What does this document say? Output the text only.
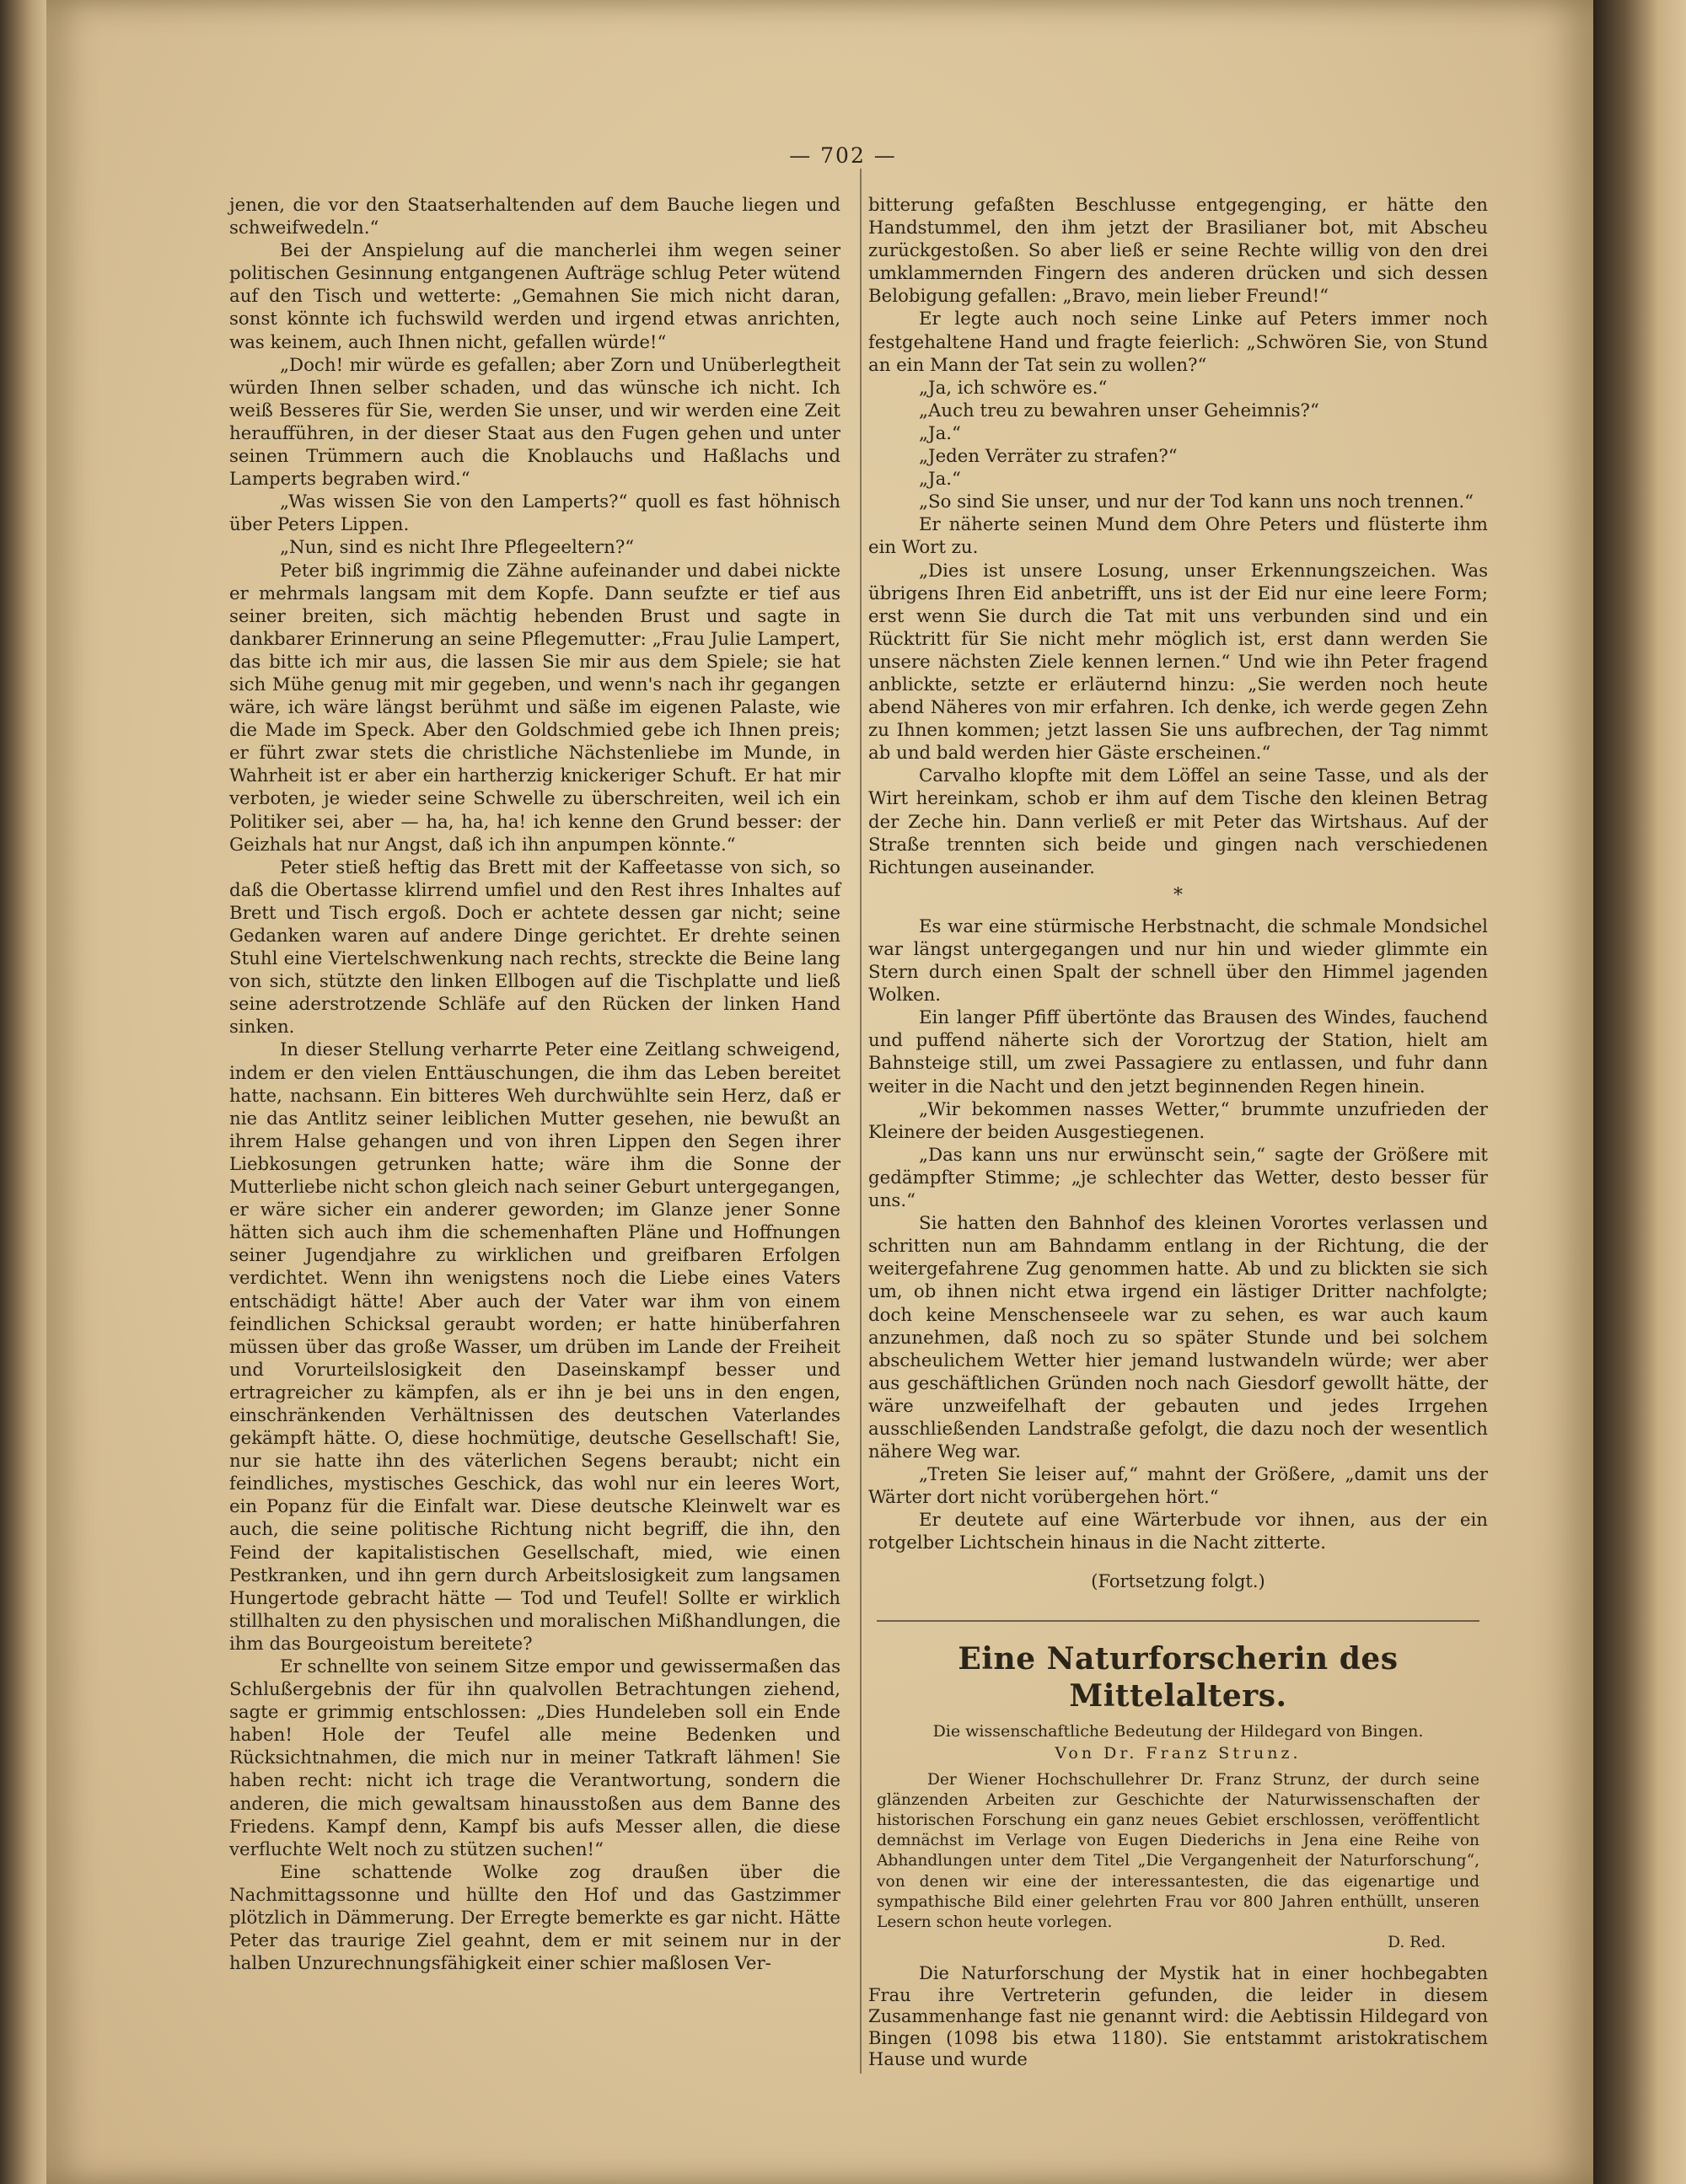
— 702 —

jenen, die vor den Staatserhaltenden auf dem Bauche liegen und schweifwedeln.“

Bei der Anspielung auf die mancherlei ihm wegen seiner politischen Gesinnung entgangenen Aufträge schlug Peter wütend auf den Tisch und wetterte: „Gemahnen Sie mich nicht daran, sonst könnte ich fuchswild werden und irgend etwas anrichten, was keinem, auch Ihnen nicht, gefallen würde!“

„Doch! mir würde es gefallen; aber Zorn und Unüberlegtheit würden Ihnen selber schaden, und das wünsche ich nicht. Ich weiß Besseres für Sie, werden Sie unser, und wir werden eine Zeit heraufführen, in der dieser Staat aus den Fugen gehen und unter seinen Trümmern auch die Knoblauchs und Haßlachs und Lamperts begraben wird.“

„Was wissen Sie von den Lamperts?“ quoll es fast höhnisch über Peters Lippen.

„Nun, sind es nicht Ihre Pflegeeltern?“

Peter biß ingrimmig die Zähne aufeinander und dabei nickte er mehrmals langsam mit dem Kopfe. Dann seufzte er tief aus seiner breiten, sich mächtig hebenden Brust und sagte in dankbarer Erinnerung an seine Pflegemutter: „Frau Julie Lampert, das bitte ich mir aus, die lassen Sie mir aus dem Spiele; sie hat sich Mühe genug mit mir gegeben, und wenn's nach ihr gegangen wäre, ich wäre längst berühmt und säße im eigenen Palaste, wie die Made im Speck. Aber den Goldschmied gebe ich Ihnen preis; er führt zwar stets die christliche Nächstenliebe im Munde, in Wahrheit ist er aber ein hartherzig knickeriger Schuft. Er hat mir verboten, je wieder seine Schwelle zu überschreiten, weil ich ein Politiker sei, aber — ha, ha, ha! ich kenne den Grund besser: der Geizhals hat nur Angst, daß ich ihn anpumpen könnte.“

Peter stieß heftig das Brett mit der Kaffeetasse von sich, so daß die Obertasse klirrend umfiel und den Rest ihres Inhaltes auf Brett und Tisch ergoß. Doch er achtete dessen gar nicht; seine Gedanken waren auf andere Dinge gerichtet. Er drehte seinen Stuhl eine Viertelschwenkung nach rechts, streckte die Beine lang von sich, stützte den linken Ellbogen auf die Tischplatte und ließ seine aderstrotzende Schläfe auf den Rücken der linken Hand sinken.

In dieser Stellung verharrte Peter eine Zeitlang schweigend, indem er den vielen Enttäuschungen, die ihm das Leben bereitet hatte, nachsann. Ein bitteres Weh durchwühlte sein Herz, daß er nie das Antlitz seiner leiblichen Mutter gesehen, nie bewußt an ihrem Halse gehangen und von ihren Lippen den Segen ihrer Liebkosungen getrunken hatte; wäre ihm die Sonne der Mutterliebe nicht schon gleich nach seiner Geburt untergegangen, er wäre sicher ein anderer geworden; im Glanze jener Sonne hätten sich auch ihm die schemenhaften Pläne und Hoffnungen seiner Jugendjahre zu wirklichen und greifbaren Erfolgen verdichtet. Wenn ihn wenigstens noch die Liebe eines Vaters entschädigt hätte! Aber auch der Vater war ihm von einem feindlichen Schicksal geraubt worden; er hatte hinüberfahren müssen über das große Wasser, um drüben im Lande der Freiheit und Vorurteilslosigkeit den Daseinskampf besser und ertragreicher zu kämpfen, als er ihn je bei uns in den engen, einschränkenden Verhältnissen des deutschen Vaterlandes gekämpft hätte. O, diese hochmütige, deutsche Gesellschaft! Sie, nur sie hatte ihn des väterlichen Segens beraubt; nicht ein feindliches, mystisches Geschick, das wohl nur ein leeres Wort, ein Popanz für die Einfalt war. Diese deutsche Kleinwelt war es auch, die seine politische Richtung nicht begriff, die ihn, den Feind der kapitalistischen Gesellschaft, mied, wie einen Pestkranken, und ihn gern durch Arbeitslosigkeit zum langsamen Hungertode gebracht hätte — Tod und Teufel! Sollte er wirklich stillhalten zu den physischen und moralischen Mißhandlungen, die ihm das Bourgeoistum bereitete?

Er schnellte von seinem Sitze empor und gewissermaßen das Schlußergebnis der für ihn qualvollen Betrachtungen ziehend, sagte er grimmig entschlossen: „Dies Hundeleben soll ein Ende haben! Hole der Teufel alle meine Bedenken und Rücksichtnahmen, die mich nur in meiner Tatkraft lähmen! Sie haben recht: nicht ich trage die Verantwortung, sondern die anderen, die mich gewaltsam hinausstoßen aus dem Banne des Friedens. Kampf denn, Kampf bis aufs Messer allen, die diese verfluchte Welt noch zu stützen suchen!“

Eine schattende Wolke zog draußen über die Nachmittagssonne und hüllte den Hof und das Gastzimmer plötzlich in Dämmerung. Der Erregte bemerkte es gar nicht. Hätte Peter das traurige Ziel geahnt, dem er mit seinem nur in der halben Unzurechnungsfähigkeit einer schier maßlosen Ver-

bitterung gefaßten Beschlusse entgegenging, er hätte den Handstummel, den ihm jetzt der Brasilianer bot, mit Abscheu zurückgestoßen. So aber ließ er seine Rechte willig von den drei umklammernden Fingern des anderen drücken und sich dessen Belobigung gefallen: „Bravo, mein lieber Freund!“

Er legte auch noch seine Linke auf Peters immer noch festgehaltene Hand und fragte feierlich: „Schwören Sie, von Stund an ein Mann der Tat sein zu wollen?“

„Ja, ich schwöre es.“

„Auch treu zu bewahren unser Geheimnis?“

„Ja.“

„Jeden Verräter zu strafen?“

„Ja.“

„So sind Sie unser, und nur der Tod kann uns noch trennen.“

Er näherte seinen Mund dem Ohre Peters und flüsterte ihm ein Wort zu.

„Dies ist unsere Losung, unser Erkennungszeichen. Was übrigens Ihren Eid anbetrifft, uns ist der Eid nur eine leere Form; erst wenn Sie durch die Tat mit uns verbunden sind und ein Rücktritt für Sie nicht mehr möglich ist, erst dann werden Sie unsere nächsten Ziele kennen lernen.“ Und wie ihn Peter fragend anblickte, setzte er erläuternd hinzu: „Sie werden noch heute abend Näheres von mir erfahren. Ich denke, ich werde gegen Zehn zu Ihnen kommen; jetzt lassen Sie uns aufbrechen, der Tag nimmt ab und bald werden hier Gäste erscheinen.“

Carvalho klopfte mit dem Löffel an seine Tasse, und als der Wirt hereinkam, schob er ihm auf dem Tische den kleinen Betrag der Zeche hin. Dann verließ er mit Peter das Wirtshaus. Auf der Straße trennten sich beide und gingen nach verschiedenen Richtungen auseinander.

*

Es war eine stürmische Herbstnacht, die schmale Mondsichel war längst untergegangen und nur hin und wieder glimmte ein Stern durch einen Spalt der schnell über den Himmel jagenden Wolken.

Ein langer Pfiff übertönte das Brausen des Windes, fauchend und puffend näherte sich der Vorortzug der Station, hielt am Bahnsteige still, um zwei Passagiere zu entlassen, und fuhr dann weiter in die Nacht und den jetzt beginnenden Regen hinein.

„Wir bekommen nasses Wetter,“ brummte unzufrieden der Kleinere der beiden Ausgestiegenen.

„Das kann uns nur erwünscht sein,“ sagte der Größere mit gedämpfter Stimme; „je schlechter das Wetter, desto besser für uns.“

Sie hatten den Bahnhof des kleinen Vorortes verlassen und schritten nun am Bahndamm entlang in der Richtung, die der weitergefahrene Zug genommen hatte. Ab und zu blickten sie sich um, ob ihnen nicht etwa irgend ein lästiger Dritter nachfolgte; doch keine Menschenseele war zu sehen, es war auch kaum anzunehmen, daß noch zu so später Stunde und bei solchem abscheulichem Wetter hier jemand lustwandeln würde; wer aber aus geschäftlichen Gründen noch nach Giesdorf gewollt hätte, der wäre unzweifelhaft der gebauten und jedes Irrgehen ausschließenden Landstraße gefolgt, die dazu noch der wesentlich nähere Weg war.

„Treten Sie leiser auf,“ mahnt der Größere, „damit uns der Wärter dort nicht vorübergehen hört.“

Er deutete auf eine Wärterbude vor ihnen, aus der ein rotgelber Lichtschein hinaus in die Nacht zitterte.

(Fortsetzung folgt.)
Eine Naturforscherin des Mittelalters.
Die wissenschaftliche Bedeutung der Hildegard von Bingen.
Von Dr. Franz Strunz.

Der Wiener Hochschullehrer Dr. Franz Strunz, der durch seine glänzenden Arbeiten zur Geschichte der Naturwissenschaften der historischen Forschung ein ganz neues Gebiet erschlossen, veröffentlicht demnächst im Verlage von Eugen Diederichs in Jena eine Reihe von Abhandlungen unter dem Titel „Die Vergangenheit der Naturforschung“, von denen wir eine der interessantesten, die das eigenartige und sympathische Bild einer gelehrten Frau vor 800 Jahren enthüllt, unseren Lesern schon heute vorlegen.

D. Red.

Die Naturforschung der Mystik hat in einer hochbegabten Frau ihre Vertreterin gefunden, die leider in diesem Zusammenhange fast nie genannt wird: die Aebtissin Hildegard von Bingen (1098 bis etwa 1180). Sie entstammt aristokratischem Hause und wurde
